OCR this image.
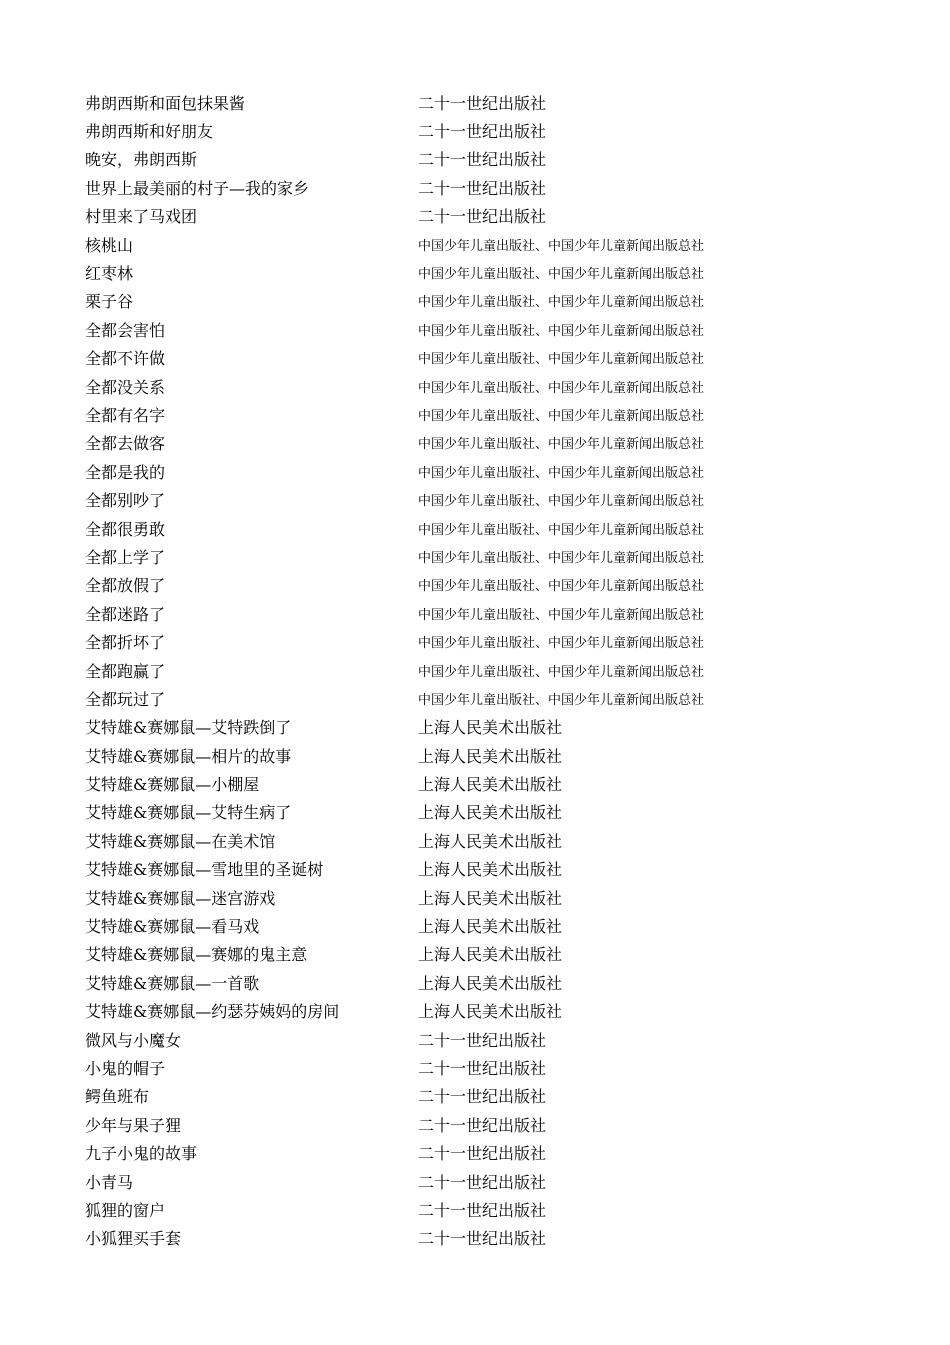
弗朗西斯和面包抹果酱	二十一世纪出版社
弗朗西斯和好朋友	二十一世纪出版社
晚安，弗朗西斯	二十一世纪出版社
世界上最美丽的村子—我的家乡	二十一世纪出版社
村里来了马戏团	二十一世纪出版社
核桃山	中国少年儿童出版社、中国少年儿童新闻出版总社
红枣林	中国少年儿童出版社、中国少年儿童新闻出版总社
栗子谷	中国少年儿童出版社、中国少年儿童新闻出版总社
全都会害怕	中国少年儿童出版社、中国少年儿童新闻出版总社
全都不许做	中国少年儿童出版社、中国少年儿童新闻出版总社
全都没关系	中国少年儿童出版社、中国少年儿童新闻出版总社
全都有名字	中国少年儿童出版社、中国少年儿童新闻出版总社
全都去做客	中国少年儿童出版社、中国少年儿童新闻出版总社
全都是我的	中国少年儿童出版社、中国少年儿童新闻出版总社
全都别吵了	中国少年儿童出版社、中国少年儿童新闻出版总社
全都很勇敢	中国少年儿童出版社、中国少年儿童新闻出版总社
全都上学了	中国少年儿童出版社、中国少年儿童新闻出版总社
全都放假了	中国少年儿童出版社、中国少年儿童新闻出版总社
全都迷路了	中国少年儿童出版社、中国少年儿童新闻出版总社
全都折坏了	中国少年儿童出版社、中国少年儿童新闻出版总社
全都跑赢了	中国少年儿童出版社、中国少年儿童新闻出版总社
全都玩过了	中国少年儿童出版社、中国少年儿童新闻出版总社
艾特雄&赛娜鼠—艾特跌倒了	上海人民美术出版社
艾特雄&赛娜鼠—相片的故事	上海人民美术出版社
艾特雄&赛娜鼠—小棚屋	上海人民美术出版社
艾特雄&赛娜鼠—艾特生病了	上海人民美术出版社
艾特雄&赛娜鼠—在美术馆	上海人民美术出版社
艾特雄&赛娜鼠—雪地里的圣诞树	上海人民美术出版社
艾特雄&赛娜鼠—迷宫游戏	上海人民美术出版社
艾特雄&赛娜鼠—看马戏	上海人民美术出版社
艾特雄&赛娜鼠—赛娜的鬼主意	上海人民美术出版社
艾特雄&赛娜鼠—一首歌	上海人民美术出版社
艾特雄&赛娜鼠—约瑟芬姨妈的房间	上海人民美术出版社
微风与小魔女	二十一世纪出版社
小鬼的帽子	二十一世纪出版社
鳄鱼班布	二十一世纪出版社
少年与果子狸	二十一世纪出版社
九子小鬼的故事	二十一世纪出版社
小青马	二十一世纪出版社
狐狸的窗户	二十一世纪出版社
小狐狸买手套	二十一世纪出版社
